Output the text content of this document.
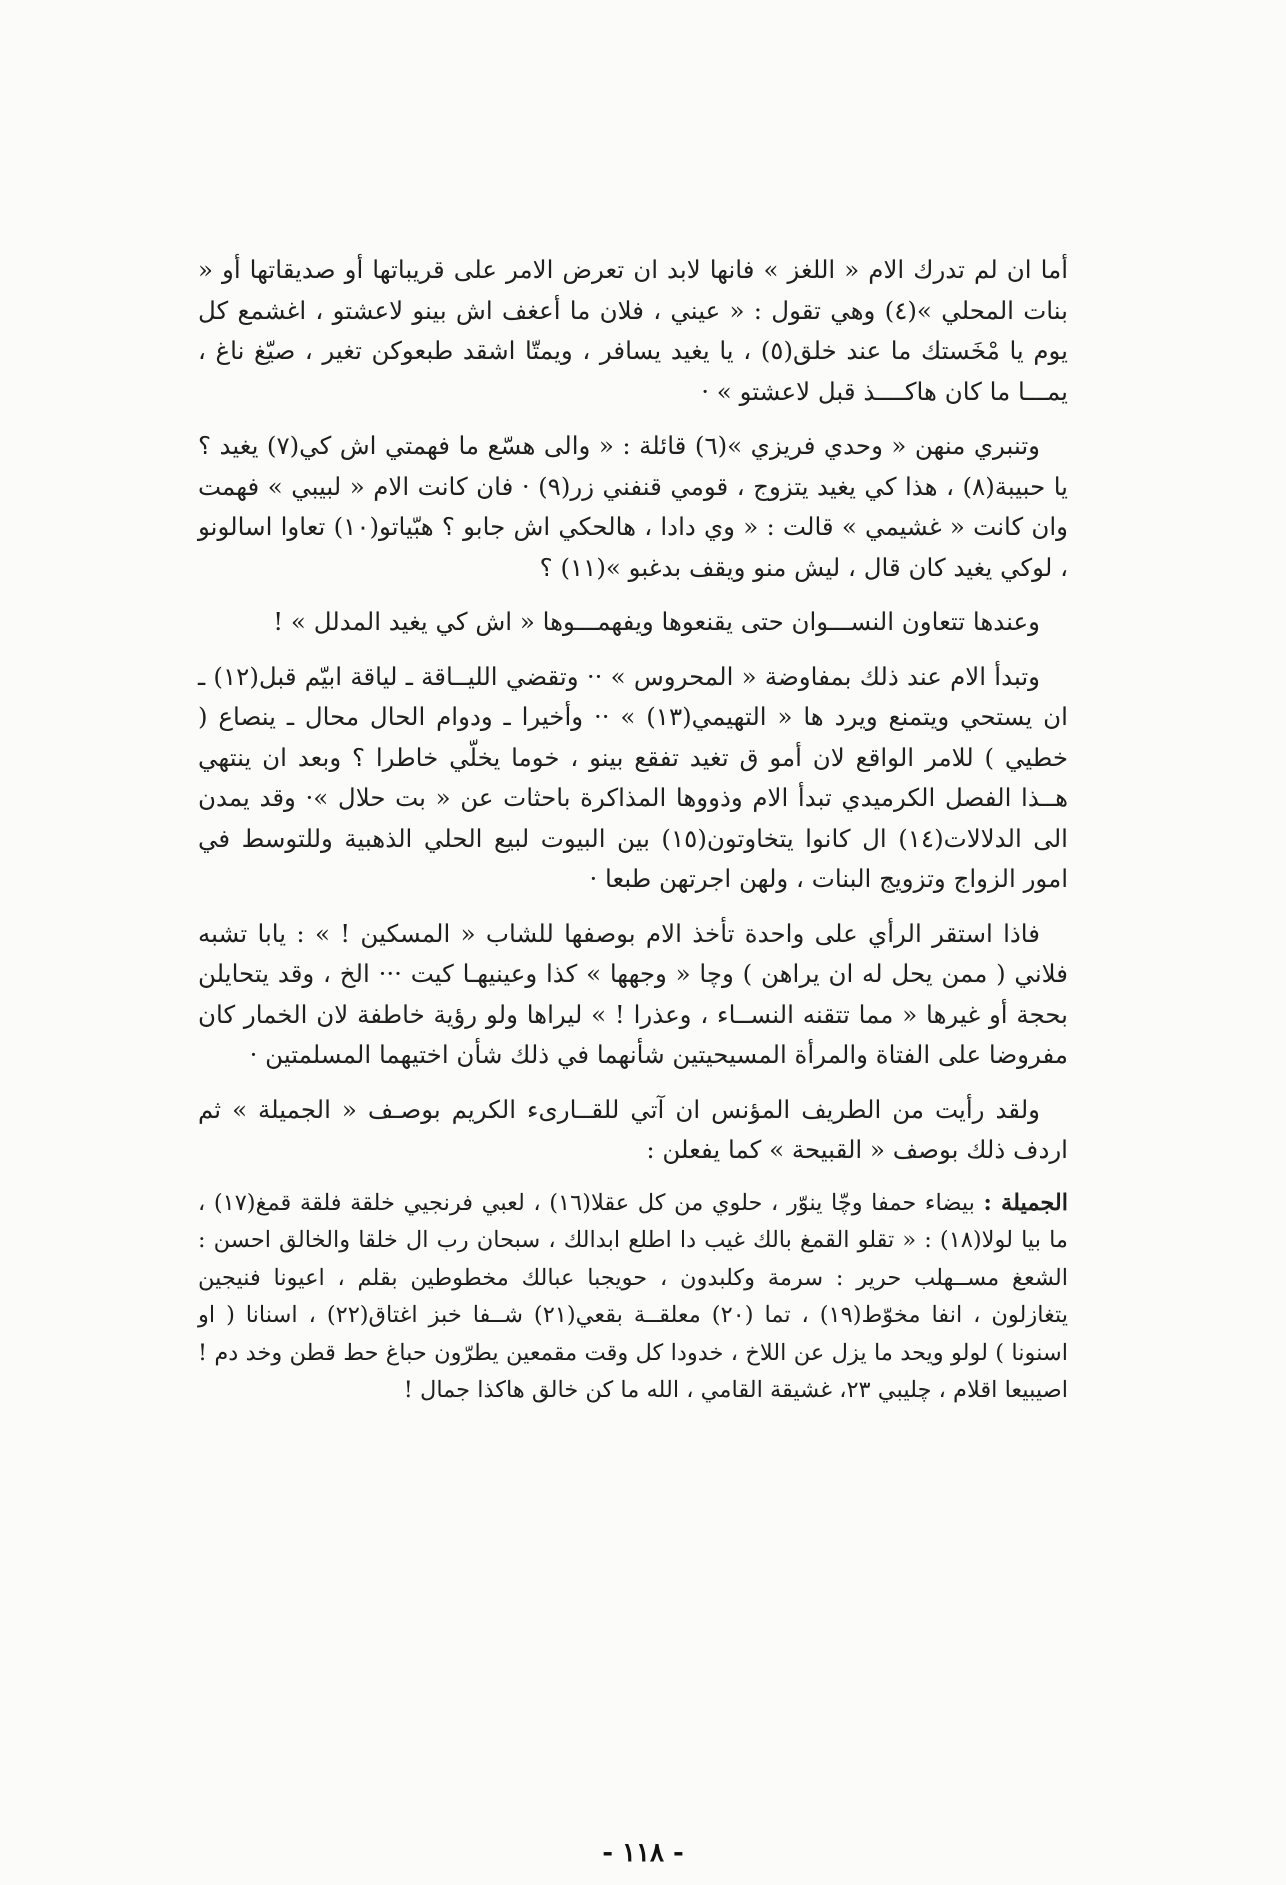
أما ان لم تدرك الام « اللغز » فانها لابد ان تعرض الامر على قريباتها أو صديقاتها أو « بنات المحلي »(٤) وهي تقول : « عيني ، فلان ما أعغف اش بينو لاعشتو ، اغشمع كل يوم يا مْخَستك ما عند خلق(٥) ، يا يغيد يسافر ، ويمتّا اشقد طبعوكن تغير ، صيّغ ناغ ، يمـــا ما كان هاكــــذ قبل لاعشتو » ·

وتنبري منهن « وحدي فريزي »(٦) قائلة : « والى هسّع ما فهمتي اش كي(٧) يغيد ؟ يا حبيبة(٨) ، هذا كي يغيد يتزوج ، قومي قنفني زر(٩) · فان كانت الام « لبيبي » فهمت وان كانت « غشيمي » قالت : « وي دادا ، هالحكي اش جابو ؟ هبّياتو(١٠) تعاوا اسالونو ، لوكي يغيد كان قال ، ليش منو ويقف بدغبو »(١١) ؟

وعندها تتعاون النســـوان حتى يقنعوها ويفهمـــوها « اش كي يغيد المدلل » !

وتبدأ الام عند ذلك بمفاوضة « المحروس » ·· وتقضي الليــاقة ـ لياقة ابيّم قبل(١٢) ـ ان يستحي ويتمنع ويرد ها « التهيمي(١٣) » ·· وأخيرا ـ ودوام الحال محال ـ ينصاع ( خطيي ) للامر الواقع لان أمو ق تغيد تفقع بينو ، خوما يخلّي خاطرا ؟ وبعد ان ينتهي هــذا الفصل الكرميدي تبدأ الام وذووها المذاكرة باحثات عن « بت حلال »· وقد يمدن الى الدلالات(١٤) ال كانوا يتخاوتون(١٥) بين البيوت لبيع الحلي الذهبية وللتوسط في امور الزواج وتزويج البنات ، ولهن اجرتهن طبعا ·

فاذا استقر الرأي على واحدة تأخذ الام بوصفها للشاب « المسكين ! » : يابا تشبه فلاني ( ممن يحل له ان يراهن ) وچا « وجهها » كذا وعينيهـا كيت ··· الخ ، وقد يتحايلن بحجة أو غيرها « مما تتقنه النســاء ، وعذرا ! » ليراها ولو رؤية خاطفة لان الخمار كان مفروضا على الفتاة والمرأة المسيحيتين شأنهما في ذلك شأن اختيهما المسلمتين ·

ولقد رأيت من الطريف المؤنس ان آتي للقــارىء الكريم بوصـف « الجميلة » ثم اردف ذلك بوصف « القبيحة » كما يفعلن :

الجميلة : بيضاء حمفا وچّا ينوّر ، حلوي من كل عقلا(١٦) ، لعبي فرنجيي خلقة فلقة قمغ(١٧) ، ما بيا لولا(١٨) : « تقلو القمغ بالك غيب دا اطلع ابدالك ، سبحان رب ال خلقا والخالق احسن : الشعغ مســهلب حرير : سرمة وكلبدون ، حويجبا عبالك مخطوطين بقلم ، اعيونا فنيجين يتغازلون ، انفا مخوّط(١٩) ، تما (٢٠) معلقــة بقعي(٢١) شــفا خبز اغتاق(٢٢) ، اسنانا ( او اسنونا ) لولو ويحد ما يزل عن اللاخ ، خدودا كل وقت مقمعين يطرّون حباغ حط قطن وخد دم ! اصيبيعا اقلام ، چليبي ٢٣، غشيقة القامي ، الله ما كن خالق هاكذا جمال !

- ١١٨ -
